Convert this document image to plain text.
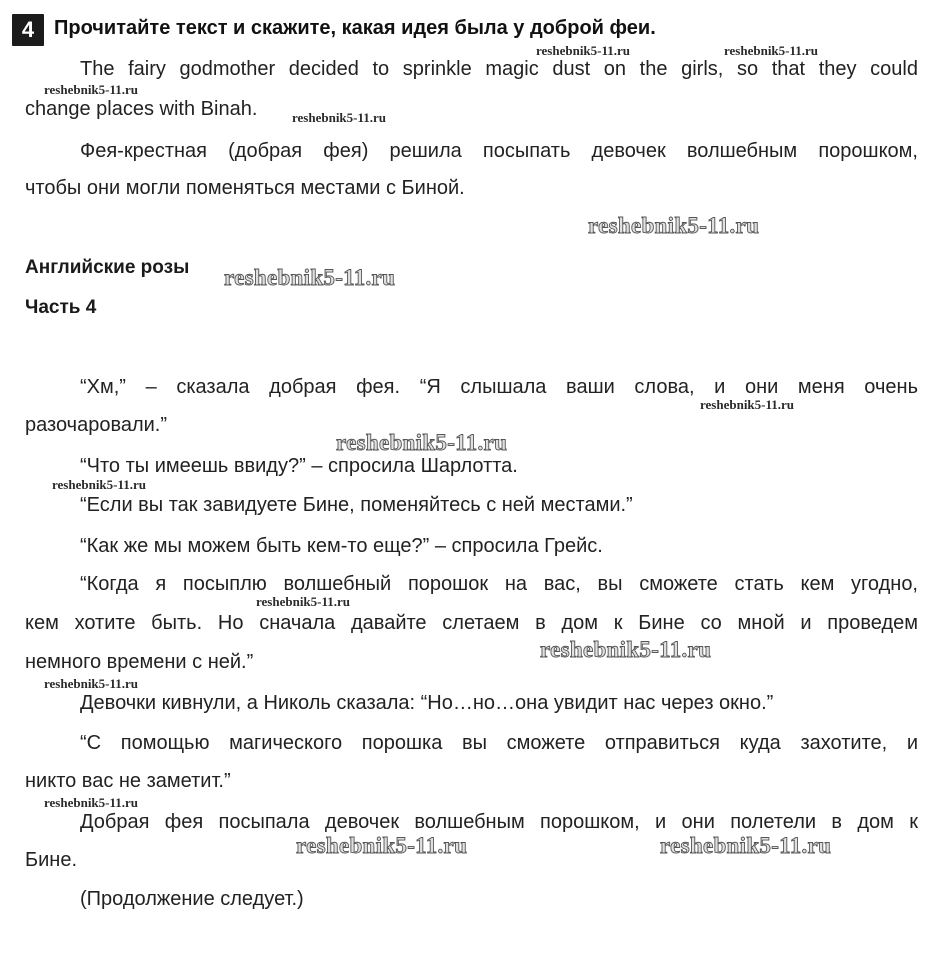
4 Прочитайте текст и скажите, какая идея была у доброй феи.
The fairy godmother decided to sprinkle magic dust on the girls, so that they could
change places with Binah.
Фея-крестная (добрая фея) решила посыпать девочек волшебным порошком,
чтобы они могли поменяться местами с Биной.
Английские розы
Часть 4
“Хм,” – сказала добрая фея. “Я слышала ваши слова, и они меня очень
разочаровали.”
“Что ты имеешь ввиду?” – спросила Шарлотта.
“Если вы так завидуете Бине, поменяйтесь с ней местами.”
“Как же мы можем быть кем-то еще?” – спросила Грейс.
“Когда я посыплю волшебный порошок на вас, вы сможете стать кем угодно,
кем хотите быть. Но сначала давайте слетаем в дом к Бине со мной и проведем
немного времени с ней.”
Девочки кивнули, а Николь сказала: “Но…но…она увидит нас через окно.”
“С помощью магического порошка вы сможете отправиться куда захотите, и
никто вас не заметит.”
Добрая фея посыпала девочек волшебным порошком, и они полетели в дом к
Бине.
(Продолжение следует.)
reshebnik5-11.ru	reshebnik5-11.ru
reshebnik5-11.ru
reshebnik5-11.ru
reshebnik5-11.ru
reshebnik5-11.ru
reshebnik5-11.ru
reshebnik5-11.ru
reshebnik5-11.ru
reshebnik5-11.ru
reshebnik5-11.ru
reshebnik5-11.ru
reshebnik5-11.ru
reshebnik5-11.ru	reshebnik5-11.ru
